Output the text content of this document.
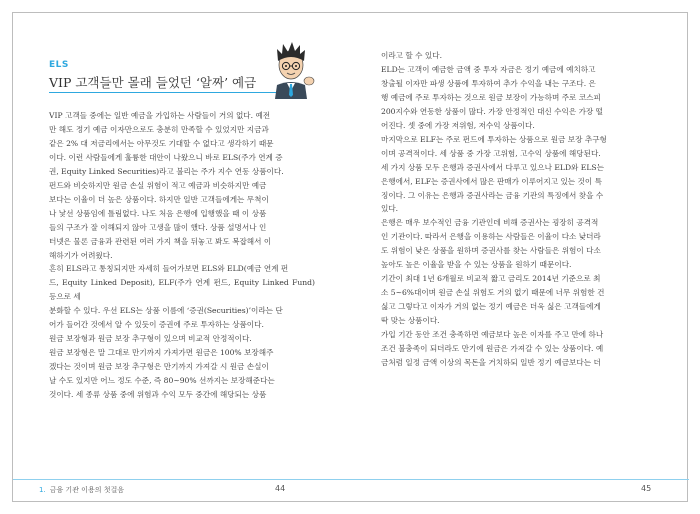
ELS
VIP 고객들만 몰래 들었던 ‘알짜’ 예금

VIP 고객들 중에는 일반 예금을 가입하는 사람들이 거의 없다. 예전

만 해도 정기 예금 이자만으로도 충분히 만족할 수 있었지만 지금과

같은 2% 대 저금리에서는 아무것도 기대할 수 없다고 생각하기 때문

이다. 이런 사람들에게 훌륭한 대안이 나왔으니 바로 ELS(주가 연계 증

권, Equity Linked Securities)라고 불리는 주가 지수 연동 상품이다.

펀드와 비슷하지만 원금 손실 위험이 적고 예금과 비슷하지만 예금

보다는 이율이 더 높은 상품이다. 하지만 일반 고객들에게는 무척이

나 낯선 상품임에 틀림없다. 나도 처음 은행에 입행했을 때 이 상품

들의 구조가 잘 이해되지 않아 고생을 많이 했다. 상품 설명서나 인

터넷은 물론 금융과 관련된 여러 가지 책을 뒤놓고 봐도 복잡해서 이

해하기가 어려웠다.

흔히 ELS라고 통칭되지만 자세히 들어가보면 ELS와 ELD(예금 연계 펀

드, Equity Linked Deposit), ELF(주가 연계 펀드, Equity Linked Fund) 등으로 세

분화할 수 있다. 우선 ELS는 상품 이름에 ‘증권(Securities)’이라는 단

어가 들어간 것에서 알 수 있듯이 증권에 주로 투자하는 상품이다.

원금 보장형과 원금 보장 추구형이 있으며 비교적 안정적이다.

원금 보장형은 말 그대로 만기까지 가져가면 원금은 100% 보장해주

겠다는 것이며 원금 보장 추구형은 만기까지 가져갈 시 원금 손실이

날 수도 있지만 어느 정도 수준, 즉 80~90% 선까지는 보장해준다는

것이다. 세 종류 상품 중에 위험과 수익 모두 중간에 해당되는 상품

이라고 할 수 있다.

ELD는 고객이 예금한 금액 중 투자 자금은 정기 예금에 예치하고

창출될 이자만 파생 상품에 투자하여 추가 수익을 내는 구조다. 은

행 예금에 주로 투자하는 것으로 원금 보장이 가능하며 주로 코스피

200지수와 연동한 상품이 많다. 가장 안정적인 대신 수익은 가장 떨

어진다. 셋 중에 가장 저위험, 저수익 상품이다.

마지막으로 ELF는 주로 펀드에 투자하는 상품으로 원금 보장 추구형

이며 공격적이다. 세 상품 중 가장 고위험, 고수익 상품에 해당된다.

세 가지 상품 모두 은행과 증권사에서 다루고 있으나 ELD와 ELS는

은행에서, ELF는 증권사에서 많은 판매가 이루어지고 있는 것이 특

징이다. 그 이유는 은행과 증권사라는 금융 기관의 특징에서 찾을 수

있다.

은행은 매우 보수적인 금융 기관인데 비해 증권사는 굉장히 공격적

인 기관이다. 따라서 은행을 이용하는 사람들은 이율이 다소 낮더라

도 위험이 낮은 상품을 원하며 증권사를 찾는 사람들은 위험이 다소

높아도 높은 이율을 받을 수 있는 상품을 원하기 때문이다.

기간이 최대 1년 6개월로 비교적 짧고 금리도 2014년 기준으로 최

소 5~6%대이며 원금 손실 위험도 거의 없기 때문에 너무 위험한 건

싫고 그렇다고 이자가 거의 없는 정기 예금은 더욱 싫은 고객들에게

딱 맞는 상품이다.

가입 기간 동안 조건 충족하면 예금보다 높은 이자를 주고 만에 하나

조건 불충족이 되더라도 만기에 원금은 가져갈 수 있는 상품이다. 예

금처럼 일정 금액 이상의 목돈을 거치하되 일반 정기 예금보다는 더

1. 금융 기관 이용의 첫걸음	44	45
